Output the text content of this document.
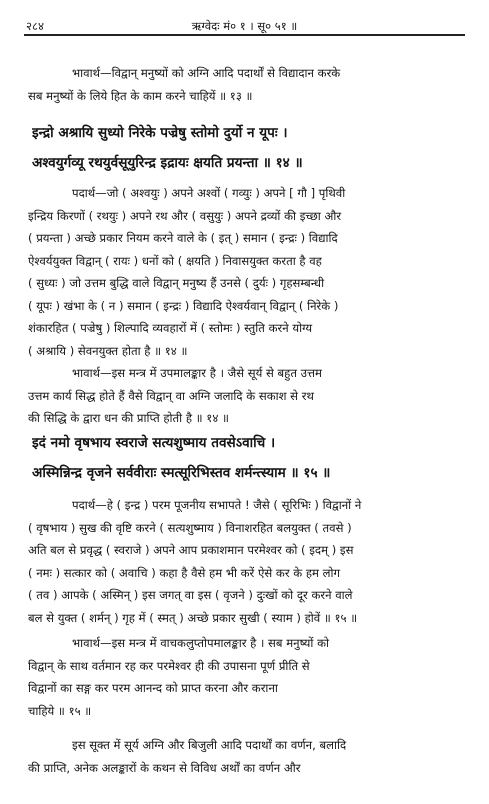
२८४	ऋग्वेदः मं० १ । सू० ५१ ॥
भावार्थ—विद्वान् मनुष्यों को अग्नि आदि पदार्थों से विद्यादान करके
सब मनुष्यों के लिये हित के काम करने चाहियें ॥ १३ ॥
इन्द्रो अश्रायि सुध्यो निरेके पज्रेषु स्तोमो दुर्यो न यूपः ।
अश्वयुर्गव्यू रथयुर्वसूयुरिन्द्र इद्रायः क्षयति प्रयन्ता ॥ १४ ॥
पदार्थ—जो ( अश्वयुः ) अपने अश्वों ( गव्युः ) अपने [ गौ ] पृथिवी
इन्द्रिय किरणों ( रथयुः ) अपने रथ और ( वसुयुः ) अपने द्रव्यों की इच्छा और
( प्रयन्ता ) अच्छे प्रकार नियम करने वाले के ( इत् ) समान ( इन्द्रः ) विद्यादि
ऐश्वर्ययुक्त विद्वान् ( रायः ) धनों को ( क्षयति ) निवासयुक्त करता है वह
( सुध्यः ) जो उत्तम बुद्धि वाले विद्वान् मनुष्य हैं उनसे ( दुर्यः ) गृहसम्बन्धी
( यूपः ) खंभा के ( न ) समान ( इन्द्रः ) विद्यादि ऐश्वर्यवान् विद्वान् ( निरेके )
शंकारहित ( पज्रेषु ) शिल्पादि व्यवहारों में ( स्तोमः ) स्तुति करने योग्य
( अश्रायि ) सेवनयुक्त होता है ॥ १४ ॥
भावार्थ—इस मन्त्र में उपमालङ्कार है । जैसे सूर्य से बहुत उत्तम
उत्तम कार्य सिद्ध होते हैं वैसे विद्वान् वा अग्नि जलादि के सकाश से रथ
की सिद्धि के द्वारा धन की प्राप्ति होती है ॥ १४ ॥
इदं नमो वृषभाय स्वराजे सत्यशुष्माय तवसेऽवाचि ।
अस्मिन्निन्द्र वृजने सर्ववीराः स्मत्सूरिभिस्तव शर्मन्त्स्याम ॥ १५ ॥
पदार्थ—हे ( इन्द्र ) परम पूजनीय सभापते ! जैसे ( सूरिभिः ) विद्वानों ने
( वृषभाय ) सुख की वृष्टि करने ( सत्यशुष्माय ) विनाशरहित बलयुक्त ( तवसे )
अति बल से प्रवृद्ध ( स्वराजे ) अपने आप प्रकाशमान परमेश्वर को ( इदम् ) इस
( नमः ) सत्कार को ( अवाचि ) कहा है वैसे हम भी करें ऐसे कर के हम लोग
( तव ) आपके ( अस्मिन् ) इस जगत् वा इस ( वृजने ) दुःखों को दूर करने वाले
बल से युक्त ( शर्मन् ) गृह में ( स्मत् ) अच्छे प्रकार सुखी ( स्याम ) होवें ॥ १५ ॥
भावार्थ—इस मन्त्र में वाचकलुप्तोपमालङ्कार है । सब मनुष्यों को
विद्वान् के साथ वर्तमान रह कर परमेश्वर ही की उपासना पूर्ण प्रीति से
विद्वानों का सङ्ग कर परम आनन्द को प्राप्त करना और कराना
चाहिये ॥ १५ ॥
इस सूक्त में सूर्य अग्नि और बिजुली आदि पदार्थों का वर्णन, बलादि
की प्राप्ति, अनेक अलङ्कारों के कथन से विविध अर्थों का वर्णन और
